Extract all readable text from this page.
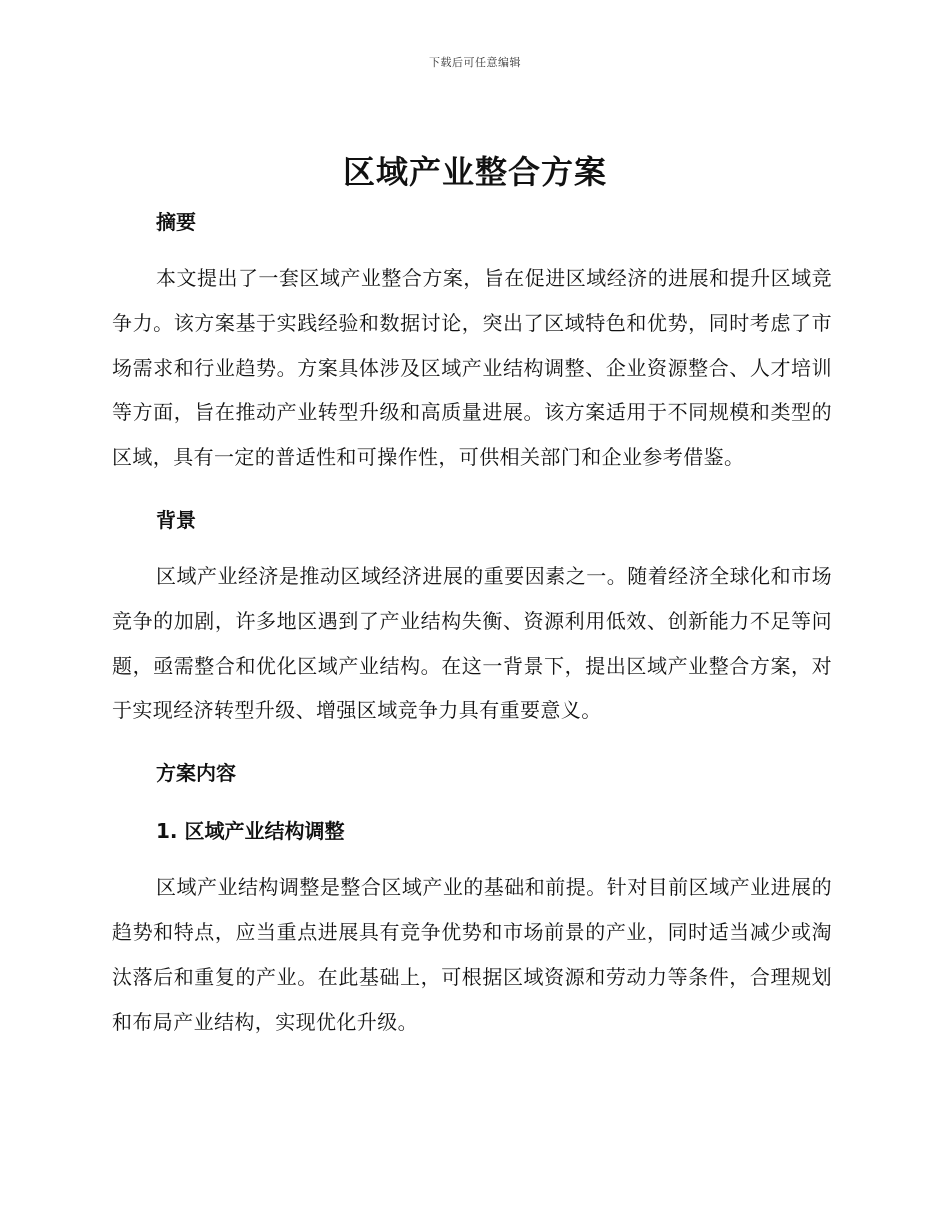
下载后可任意编辑
区域产业整合方案
摘要

本文提出了一套区域产业整合方案，旨在促进区域经济的进展和提升区域竞争力。该方案基于实践经验和数据讨论，突出了区域特色和优势，同时考虑了市场需求和行业趋势。方案具体涉及区域产业结构调整、企业资源整合、人才培训等方面，旨在推动产业转型升级和高质量进展。该方案适用于不同规模和类型的区域，具有一定的普适性和可操作性，可供相关部门和企业参考借鉴。

背景

区域产业经济是推动区域经济进展的重要因素之一。随着经济全球化和市场竞争的加剧，许多地区遇到了产业结构失衡、资源利用低效、创新能力不足等问题，亟需整合和优化区域产业结构。在这一背景下，提出区域产业整合方案，对于实现经济转型升级、增强区域竞争力具有重要意义。

方案内容
1. 区域产业结构调整

区域产业结构调整是整合区域产业的基础和前提。针对目前区域产业进展的趋势和特点，应当重点进展具有竞争优势和市场前景的产业，同时适当减少或淘汰落后和重复的产业。在此基础上，可根据区域资源和劳动力等条件，合理规划和布局产业结构，实现优化升级。
